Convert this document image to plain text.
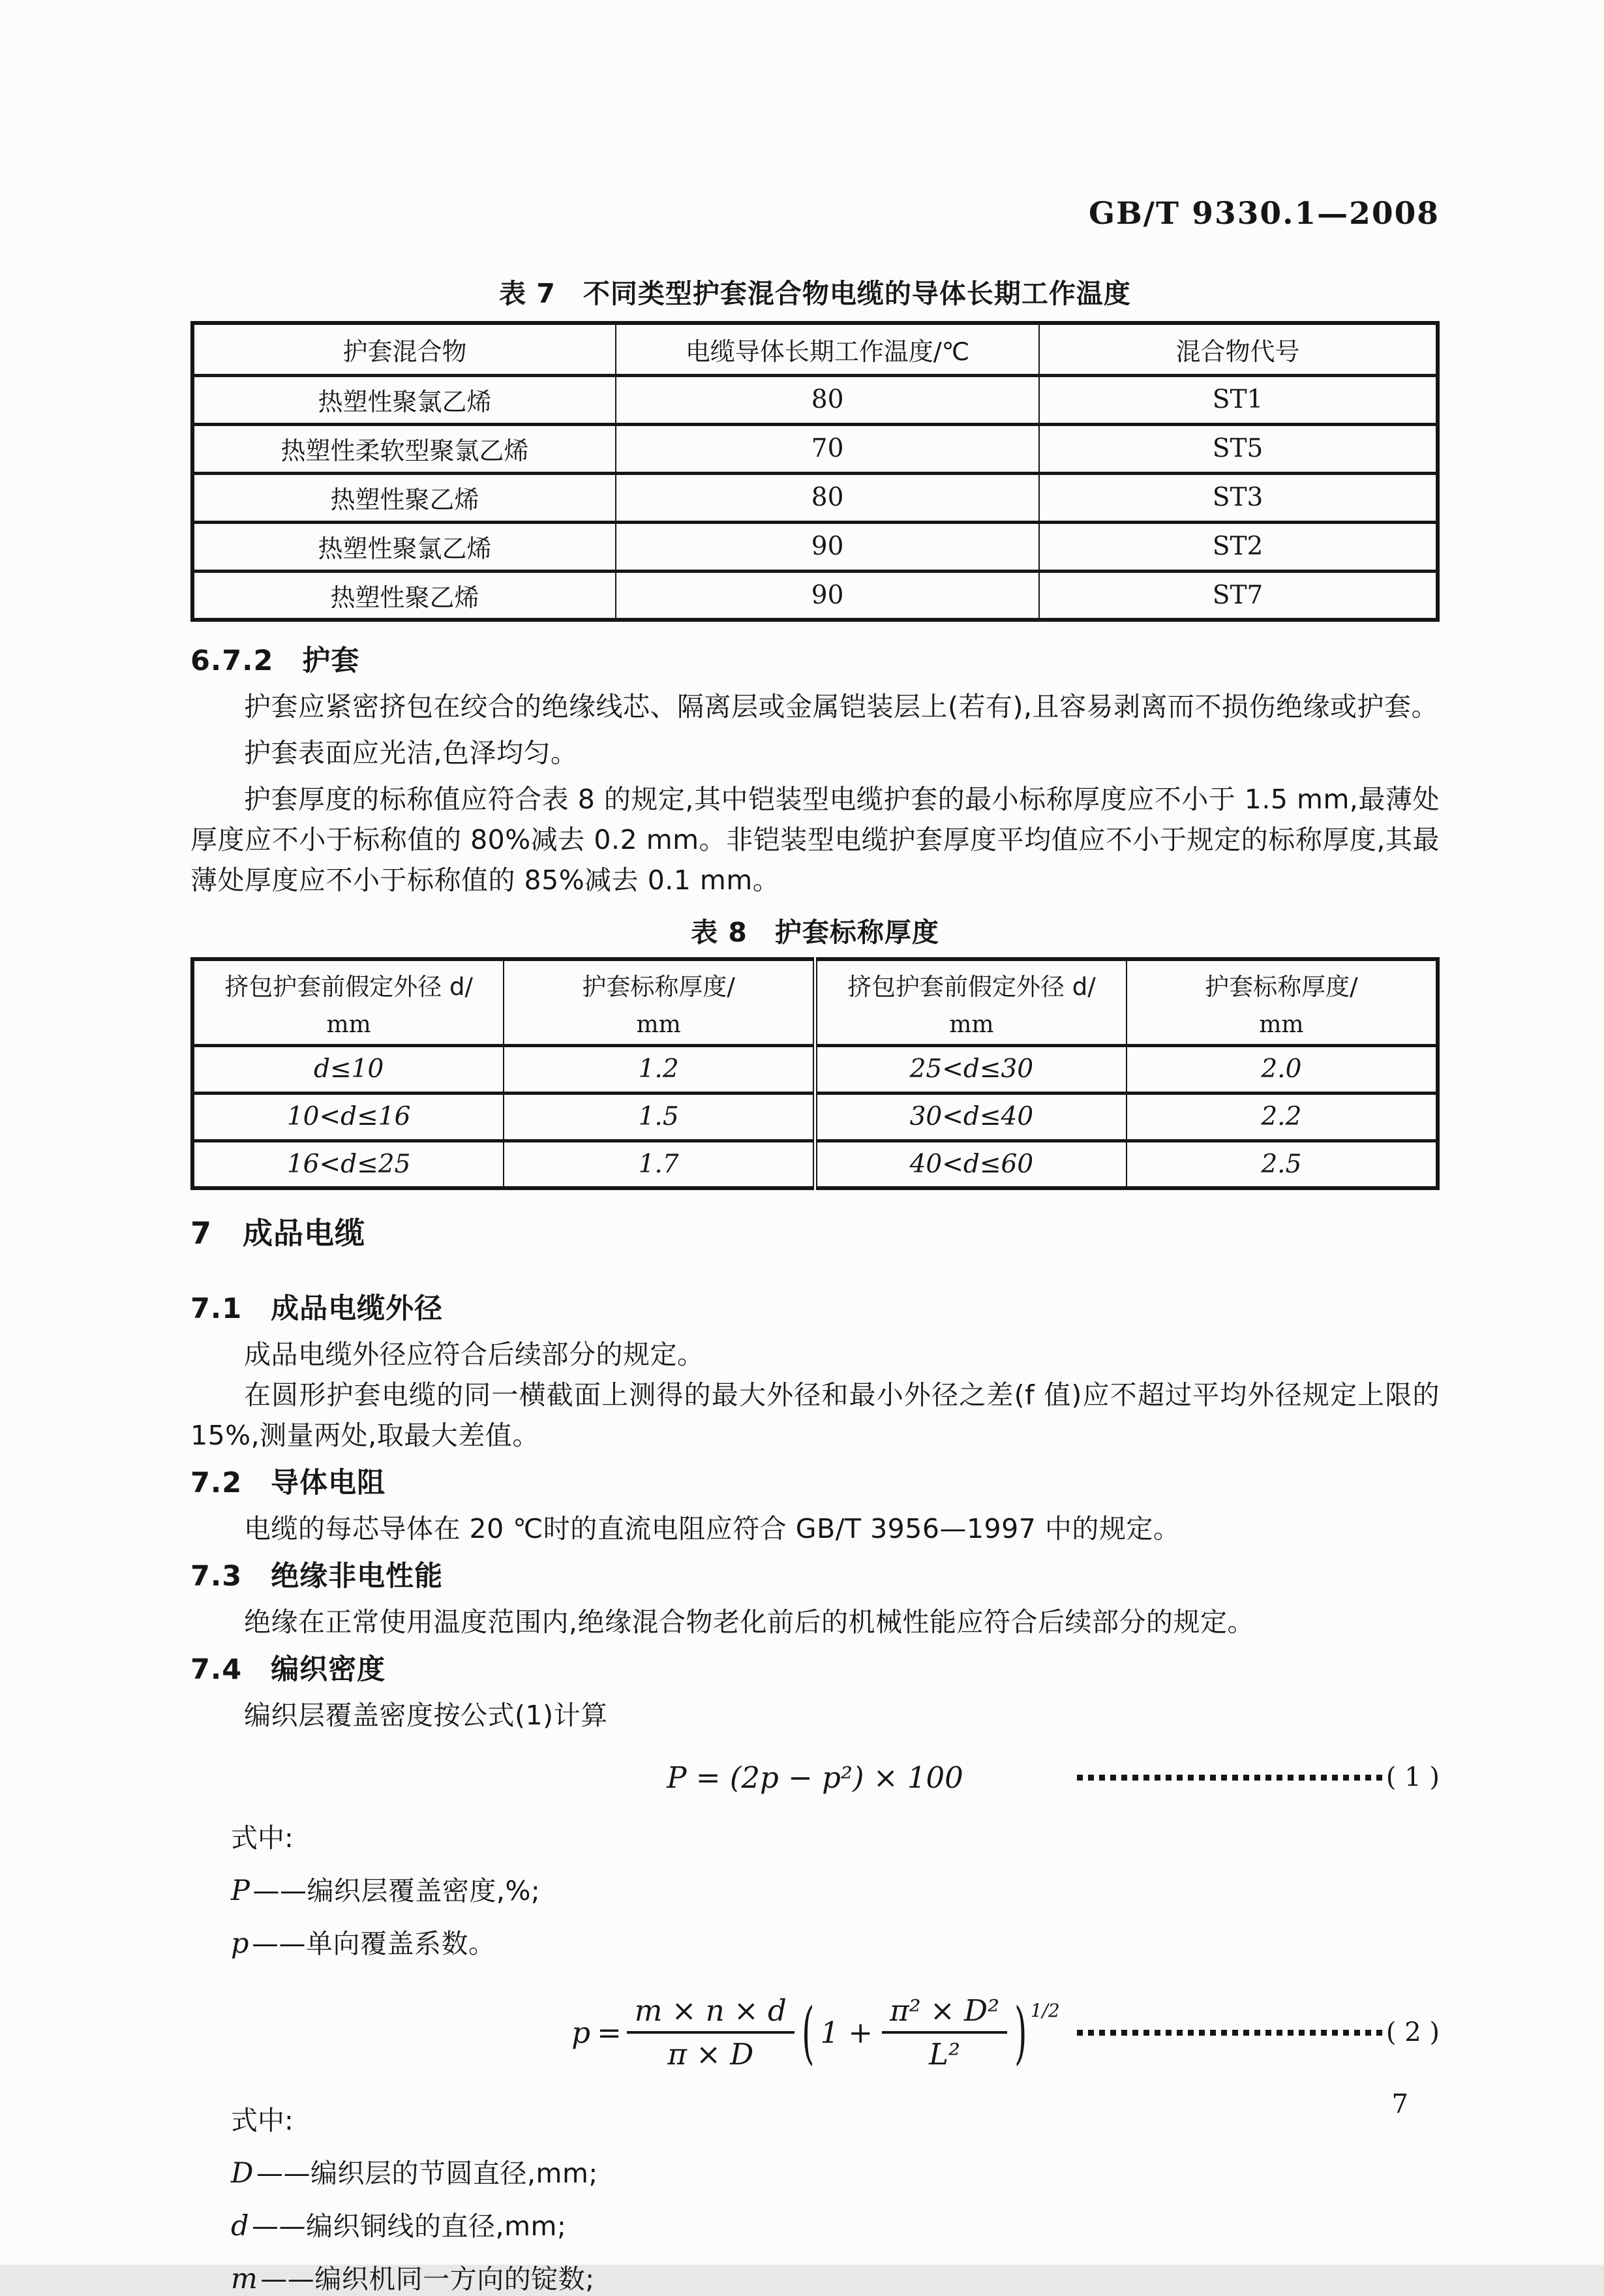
GB/T 9330.1—2008
表 7　不同类型护套混合物电缆的导体长期工作温度
护套混合物	电缆导体长期工作温度/℃	混合物代号
热塑性聚氯乙烯	80	ST1
热塑性柔软型聚氯乙烯	70	ST5
热塑性聚乙烯	80	ST3
热塑性聚氯乙烯	90	ST2
热塑性聚乙烯	90	ST7
6.7.2　护套

护套应紧密挤包在绞合的绝缘线芯、隔离层或金属铠装层上(若有),且容易剥离而不损伤绝缘或护套。

护套表面应光洁,色泽均匀。

护套厚度的标称值应符合表 8 的规定,其中铠装型电缆护套的最小标称厚度应不小于 1.5 mm,最薄处厚度应不小于标称值的 80%减去 0.2 mm。非铠装型电缆护套厚度平均值应不小于规定的标称厚度,其最薄处厚度应不小于标称值的 85%减去 0.1 mm。

表 8　护套标称厚度
挤包护套前假定外径 d/
mm	护套标称厚度/
mm	挤包护套前假定外径 d/
mm	护套标称厚度/
mm

d≤10	1.2	25<d≤30	2.0
10<d≤16	1.5	30<d≤40	2.2
16<d≤25	1.7	40<d≤60	2.5
7　成品电缆
7.1　成品电缆外径

成品电缆外径应符合后续部分的规定。

在圆形护套电缆的同一横截面上测得的最大外径和最小外径之差(f 值)应不超过平均外径规定上限的 15%,测量两处,取最大差值。

7.2　导体电阻

电缆的每芯导体在 20 ℃时的直流电阻应符合 GB/T 3956—1997 中的规定。

7.3　绝缘非电性能

绝缘在正常使用温度范围内,绝缘混合物老化前后的机械性能应符合后续部分的规定。

7.4　编织密度

编织层覆盖密度按公式(1)计算

P = (2p − p²) × 100	( 1 )
式中:
P——编织层覆盖密度,%;
p——单向覆盖系数。
$p = \frac{m \times n \times d}{\pi \times D}$ ( $1 + \frac{\text{π² × D²}}{\text{L²}}$ ) 1/2
( 2 )
式中:
D——编织层的节圆直径,mm;
d——编织铜线的直径,mm;
m——编织机同一方向的锭数;
7
